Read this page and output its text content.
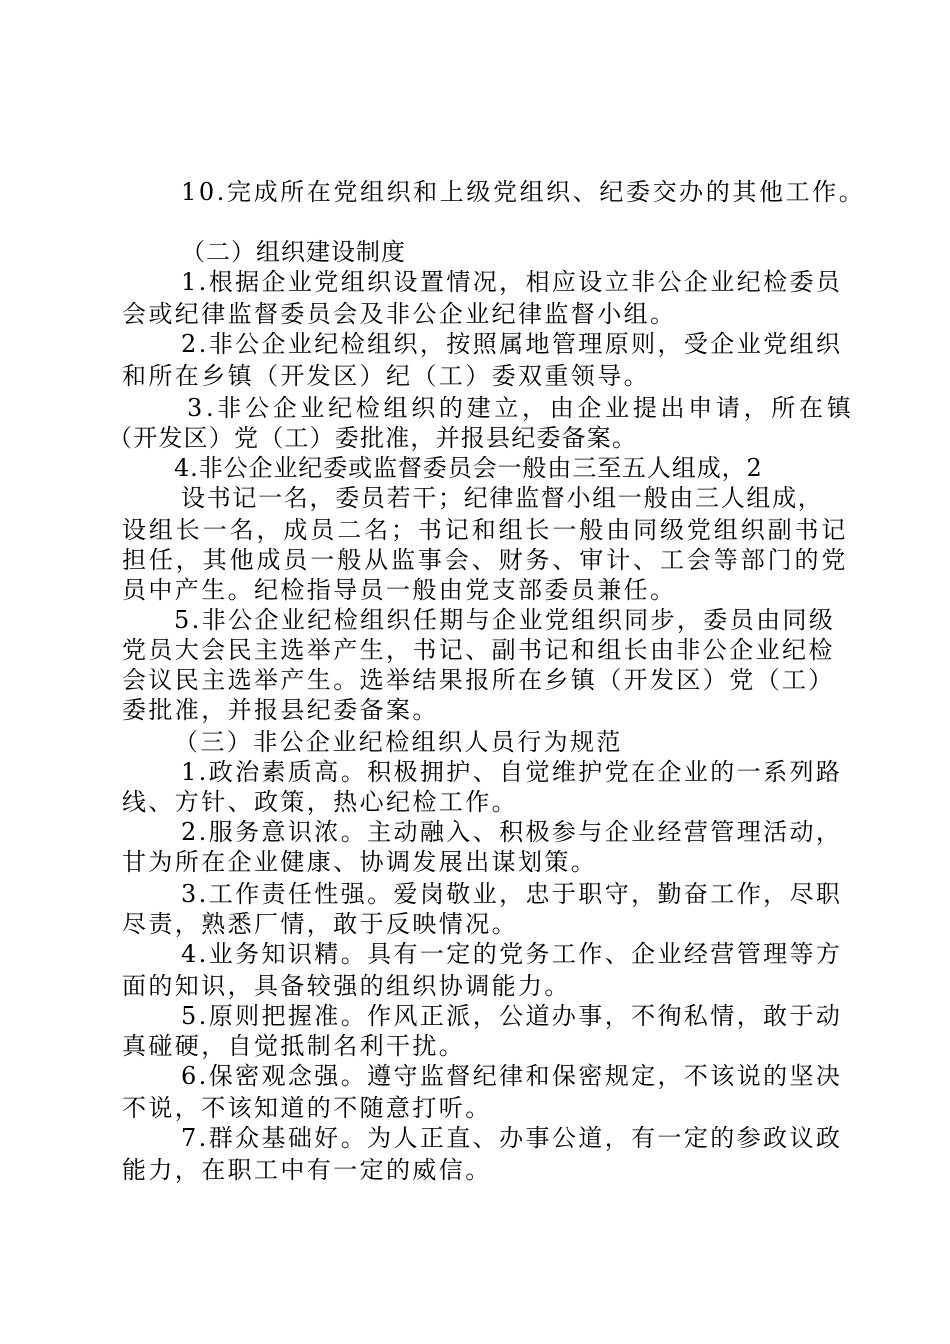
10.完成所在党组织和上级党组织、纪委交办的其他工作。
（二）组织建设制度
1.根据企业党组织设置情况，相应设立非公企业纪检委员
会或纪律监督委员会及非公企业纪律监督小组。
2.非公企业纪检组织，按照属地管理原则，受企业党组织
和所在乡镇（开发区）纪（工）委双重领导。
3.非公企业纪检组织的建立，由企业提出申请，所在镇
（开发区）党（工）委批准，并报县纪委备案。
4.非公企业纪委或监督委员会一般由三至五人组成，2
设书记一名，委员若干；纪律监督小组一般由三人组成，
设组长一名，成员二名；书记和组长一般由同级党组织副书记
担任，其他成员一般从监事会、财务、审计、工会等部门的党
员中产生。纪检指导员一般由党支部委员兼任。
5.非公企业纪检组织任期与企业党组织同步，委员由同级
党员大会民主选举产生，书记、副书记和组长由非公企业纪检
会议民主选举产生。选举结果报所在乡镇（开发区）党（工）
委批准，并报县纪委备案。
（三）非公企业纪检组织人员行为规范
1.政治素质高。积极拥护、自觉维护党在企业的一系列路
线、方针、政策，热心纪检工作。
2.服务意识浓。主动融入、积极参与企业经营管理活动，
甘为所在企业健康、协调发展出谋划策。
3.工作责任性强。爱岗敬业，忠于职守，勤奋工作，尽职
尽责，熟悉厂情，敢于反映情况。
4.业务知识精。具有一定的党务工作、企业经营管理等方
面的知识，具备较强的组织协调能力。
5.原则把握准。作风正派，公道办事，不徇私情，敢于动
真碰硬，自觉抵制名利干扰。
6.保密观念强。遵守监督纪律和保密规定，不该说的坚决
不说，不该知道的不随意打听。
7.群众基础好。为人正直、办事公道，有一定的参政议政
能力，在职工中有一定的威信。
